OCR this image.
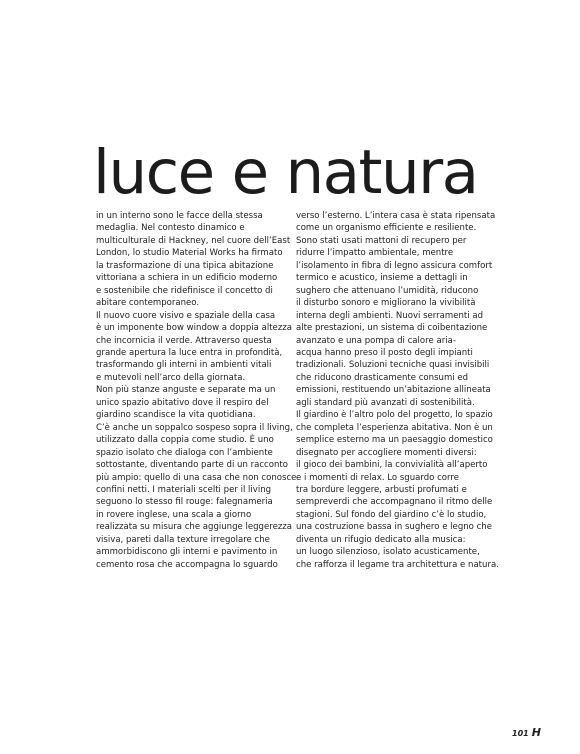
luce e natura
in un interno sono le facce della stessa
medaglia. Nel contesto dinamico e
multiculturale di Hackney, nel cuore dell’East
London, lo studio Material Works ha firmato
la trasformazione di una tipica abitazione
vittoriana a schiera in un edificio moderno
e sostenibile che ridefinisce il concetto di
abitare contemporaneo.
Il nuovo cuore visivo e spaziale della casa
è un imponente bow window a doppia altezza
che incornicia il verde. Attraverso questa
grande apertura la luce entra in profondità,
trasformando gli interni in ambienti vitali
e mutevoli nell’arco della giornata.
Non più stanze anguste e separate ma un
unico spazio abitativo dove il respiro del
giardino scandisce la vita quotidiana.
C’è anche un soppalco sospeso sopra il living,
utilizzato dalla coppia come studio. È uno
spazio isolato che dialoga con l’ambiente
sottostante, diventando parte di un racconto
più ampio: quello di una casa che non conosce
confini netti. I materiali scelti per il living
seguono lo stesso fil rouge: falegnameria
in rovere inglese, una scala a giorno
realizzata su misura che aggiunge leggerezza
visiva, pareti dalla texture irregolare che
ammorbidiscono gli interni e pavimento in
cemento rosa che accompagna lo sguardo
verso l’esterno. L’intera casa è stata ripensata
come un organismo efficiente e resiliente.
Sono stati usati mattoni di recupero per
ridurre l’impatto ambientale, mentre
l’isolamento in fibra di legno assicura comfort
termico e acustico, insieme a dettagli in
sughero che attenuano l’umidità, riducono
il disturbo sonoro e migliorano la vivibilità
interna degli ambienti. Nuovi serramenti ad
alte prestazioni, un sistema di coibentazione
avanzato e una pompa di calore aria-
acqua hanno preso il posto degli impianti
tradizionali. Soluzioni tecniche quasi invisibili
che riducono drasticamente consumi ed
emissioni, restituendo un’abitazione allineata
agli standard più avanzati di sostenibilità.
Il giardino è l’altro polo del progetto, lo spazio
che completa l’esperienza abitativa. Non è un
semplice esterno ma un paesaggio domestico
disegnato per accogliere momenti diversi:
il gioco dei bambini, la convivialità all’aperto
e i momenti di relax. Lo sguardo corre
tra bordure leggere, arbusti profumati e
sempreverdi che accompagnano il ritmo delle
stagioni. Sul fondo del giardino c’è lo studio,
una costruzione bassa in sughero e legno che
diventa un rifugio dedicato alla musica:
un luogo silenzioso, isolato acusticamente,
che rafforza il legame tra architettura e natura.
101 H
